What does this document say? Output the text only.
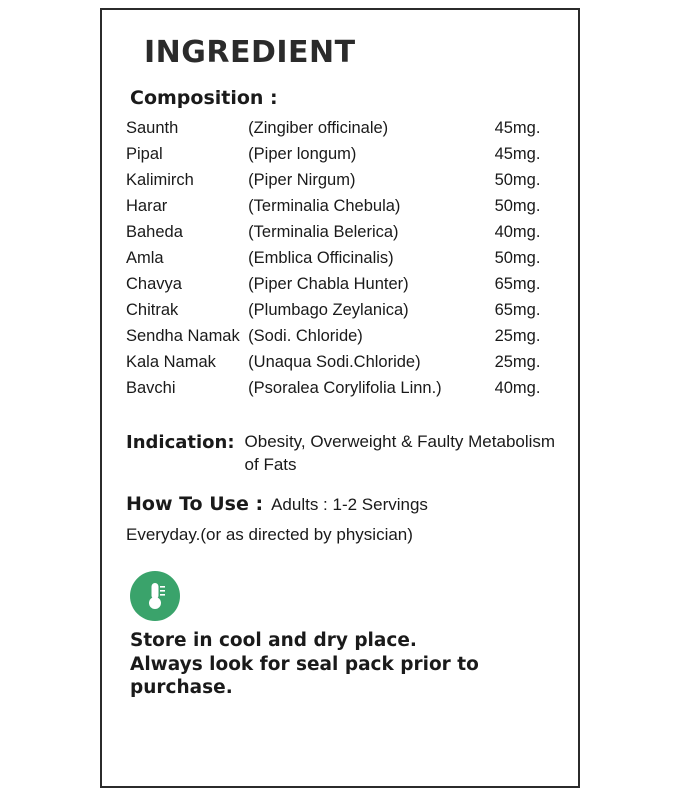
INGREDIENT
Composition :
Saunth	(Zingiber officinale)	45mg.
Pipal	(Piper longum)	45mg.
Kalimirch	(Piper Nirgum)	50mg.
Harar	(Terminalia Chebula)	50mg.
Baheda	(Terminalia Belerica)	40mg.
Amla	(Emblica Officinalis)	50mg.
Chavya	(Piper Chabla Hunter)	65mg.
Chitrak	(Plumbago Zeylanica)	65mg.
Sendha Namak	(Sodi. Chloride)	25mg.
Kala Namak	(Unaqua Sodi.Chloride)	25mg.
Bavchi	(Psoralea Corylifolia Linn.)	40mg.
Indication: Obesity, Overweight & Faulty Metabolism of Fats
How To Use : Adults : 1-2 Servings
Everyday.(or as directed by physician)
Store in cool and dry place.
Always look for seal pack prior to purchase.
